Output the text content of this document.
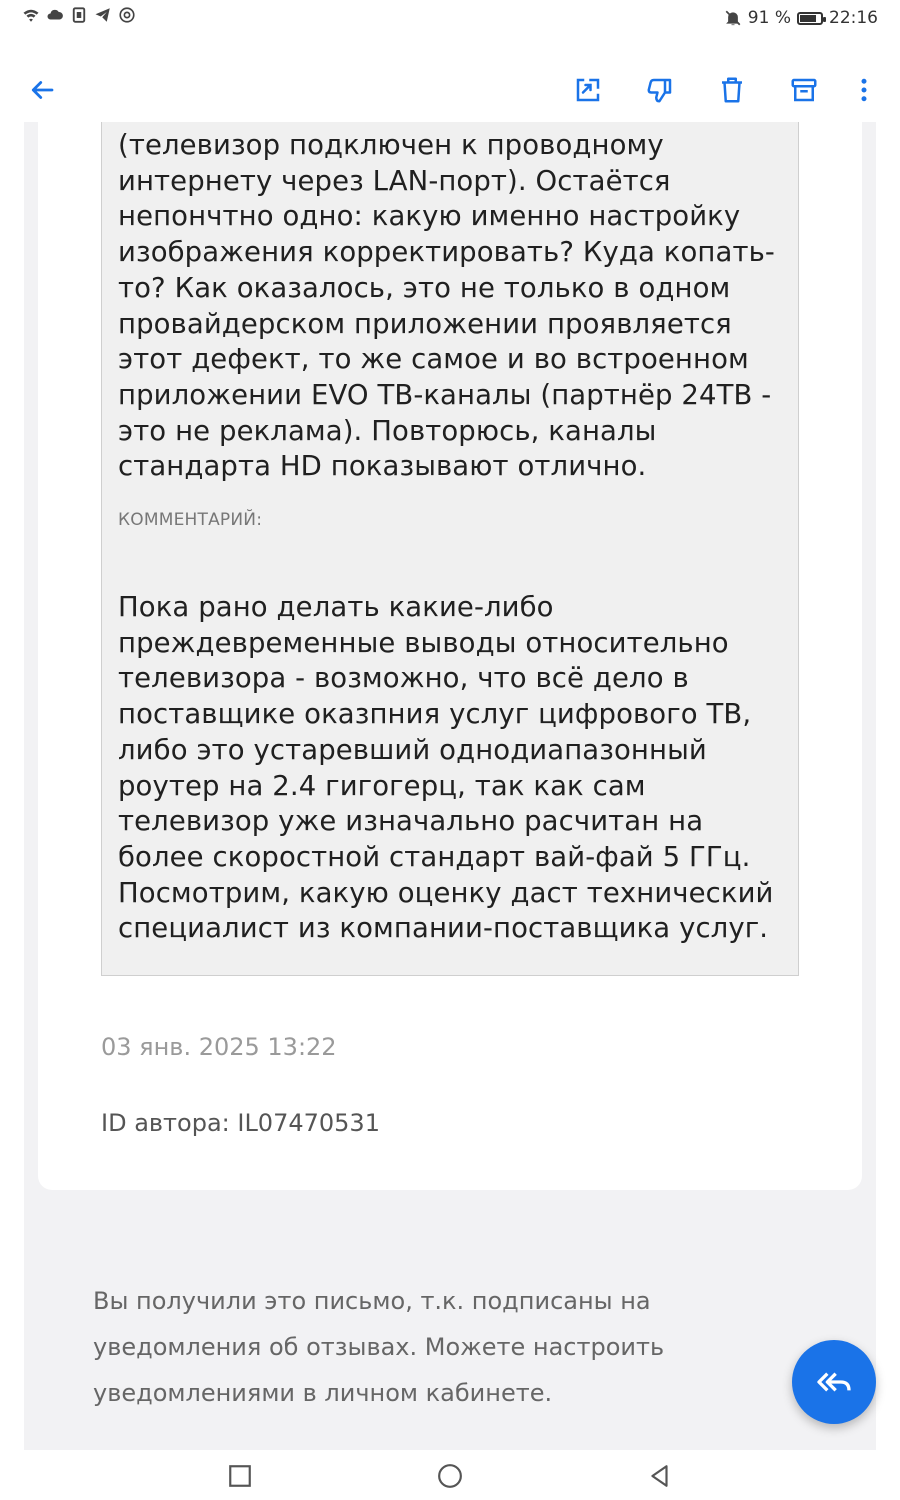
91 % 22:16
(телевизор подключен к проводному интернету через LAN-порт). Остаётся непончтно одно: какую именно настройку изображения корректировать? Куда копать-то? Как оказалось, это не только в одном провайдерском приложении проявляется этот дефект, то же самое и во встроенном приложении EVO ТВ-каналы (партнёр 24ТВ - это не реклама). Повторюсь, каналы стандарта HD показывают отлично.
КОММЕНТАРИЙ:
Пока рано делать какие-либо преждевременные выводы относительно телевизора - возможно, что всё дело в поставщике оказпния услуг цифрового ТВ, либо это устаревший однодиапазонный роутер на 2.4 гигогерц, так как сам телевизор уже изначально расчитан на более скоростной стандарт вай-фай 5 ГГц. Посмотрим, какую оценку даст технический специалист из компании-поставщика услуг.
03 янв. 2025 13:22
ID автора: IL07470531
Вы получили это письмо, т.к. подписаны на уведомления об отзывах. Можете настроить уведомлениями в личном кабинете.
